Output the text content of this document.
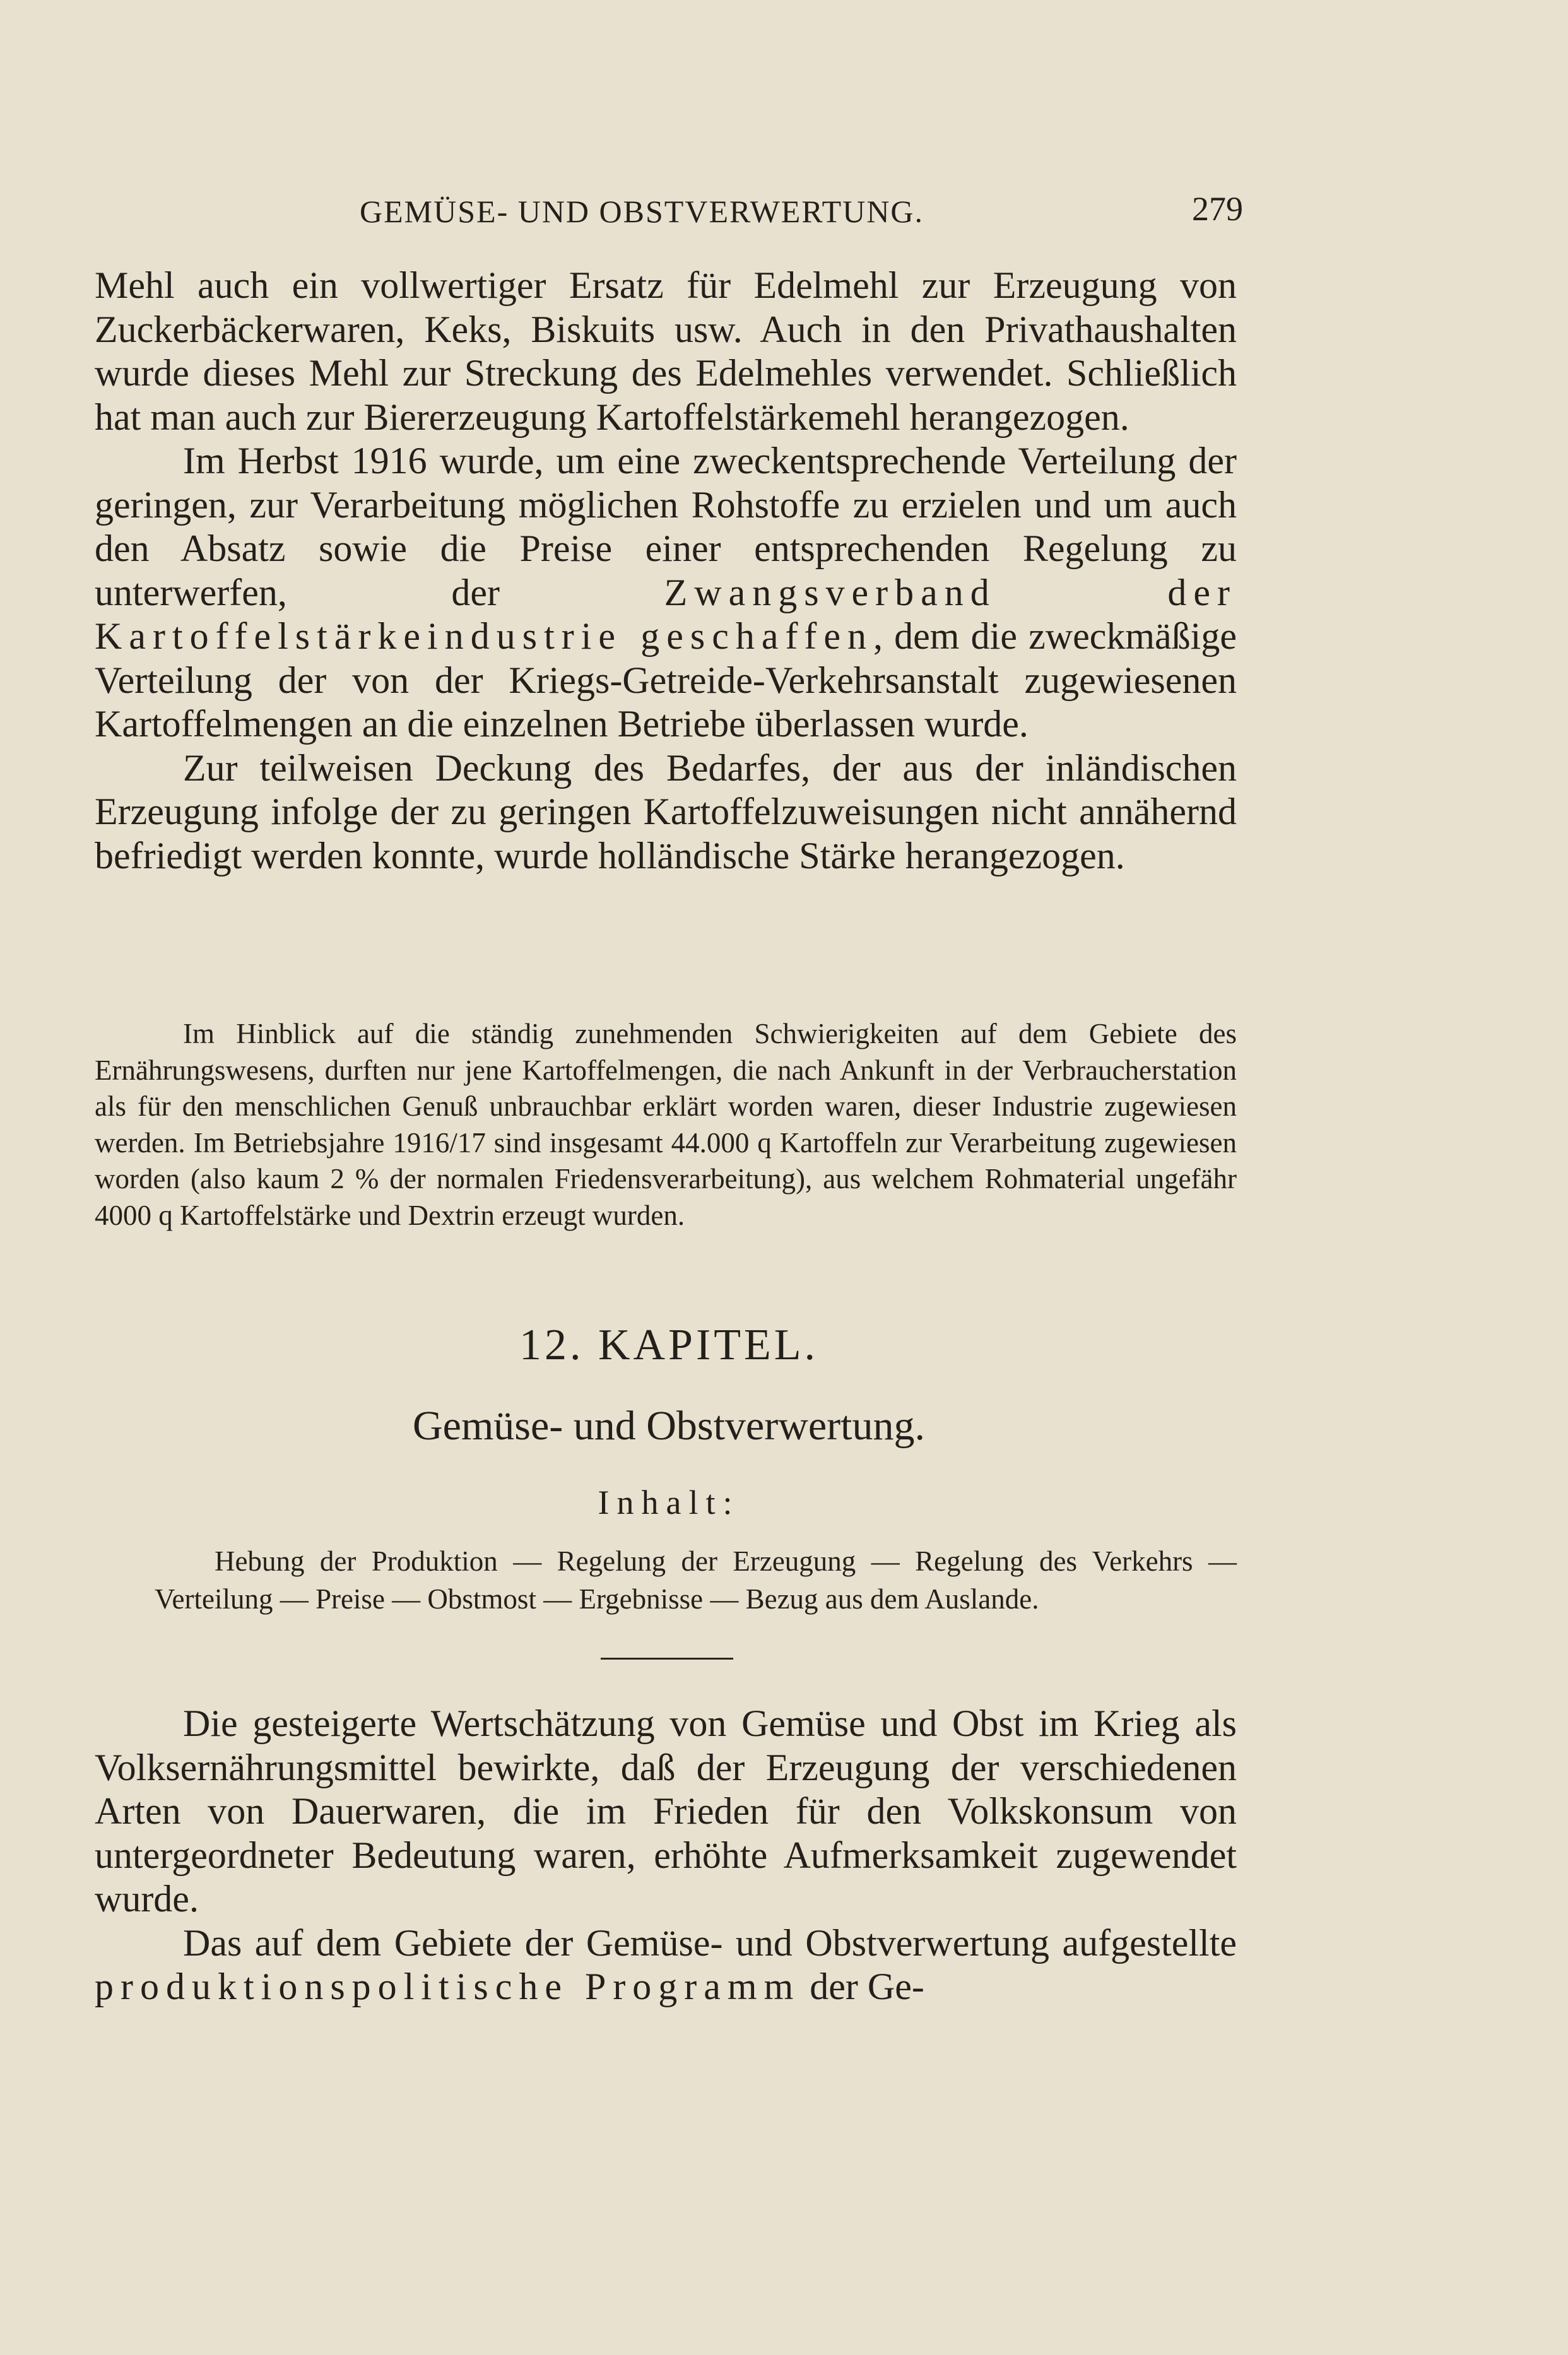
GEMÜSE- UND OBSTVERWERTUNG.	279

Mehl auch ein vollwertiger Ersatz für Edelmehl zur Erzeugung von Zuckerbäckerwaren, Keks, Biskuits usw. Auch in den Privathaushalten wurde dieses Mehl zur Streckung des Edelmehles verwendet. Schließlich hat man auch zur Biererzeugung Kartoffelstärkemehl herangezogen.

Im Herbst 1916 wurde, um eine zweckentsprechende Verteilung der geringen, zur Verarbeitung möglichen Rohstoffe zu erzielen und um auch den Absatz sowie die Preise einer entsprechenden Regelung zu unterwerfen, der Zwangsverband der Kartoffelstärkeindustrie geschaffen, dem die zweckmäßige Verteilung der von der Kriegs-Getreide-Verkehrsanstalt zugewiesenen Kartoffelmengen an die einzelnen Betriebe überlassen wurde.

Zur teilweisen Deckung des Bedarfes, der aus der inländischen Erzeugung infolge der zu geringen Kartoffelzuweisungen nicht annähernd befriedigt werden konnte, wurde holländische Stärke herangezogen.

Im Hinblick auf die ständig zunehmenden Schwierigkeiten auf dem Gebiete des Ernährungswesens, durften nur jene Kartoffelmengen, die nach Ankunft in der Verbraucherstation als für den menschlichen Genuß unbrauchbar erklärt worden waren, dieser Industrie zugewiesen werden. Im Betriebsjahre 1916/17 sind insgesamt 44.000 q Kartoffeln zur Verarbeitung zugewiesen worden (also kaum 2 % der normalen Friedensverarbeitung), aus welchem Rohmaterial ungefähr 4000 q Kartoffelstärke und Dextrin erzeugt wurden.

12. KAPITEL.
Gemüse- und Obstverwertung.
Inhalt:

Hebung der Produktion — Regelung der Erzeugung — Regelung des Verkehrs — Verteilung — Preise — Obstmost — Ergebnisse — Bezug aus dem Auslande.

Die gesteigerte Wertschätzung von Gemüse und Obst im Krieg als Volksernährungsmittel bewirkte, daß der Erzeugung der verschiedenen Arten von Dauerwaren, die im Frieden für den Volkskonsum von untergeordneter Bedeutung waren, erhöhte Aufmerksamkeit zugewendet wurde.

Das auf dem Gebiete der Gemüse- und Obstverwertung aufgestellte produktionspolitische Programm der Ge-
